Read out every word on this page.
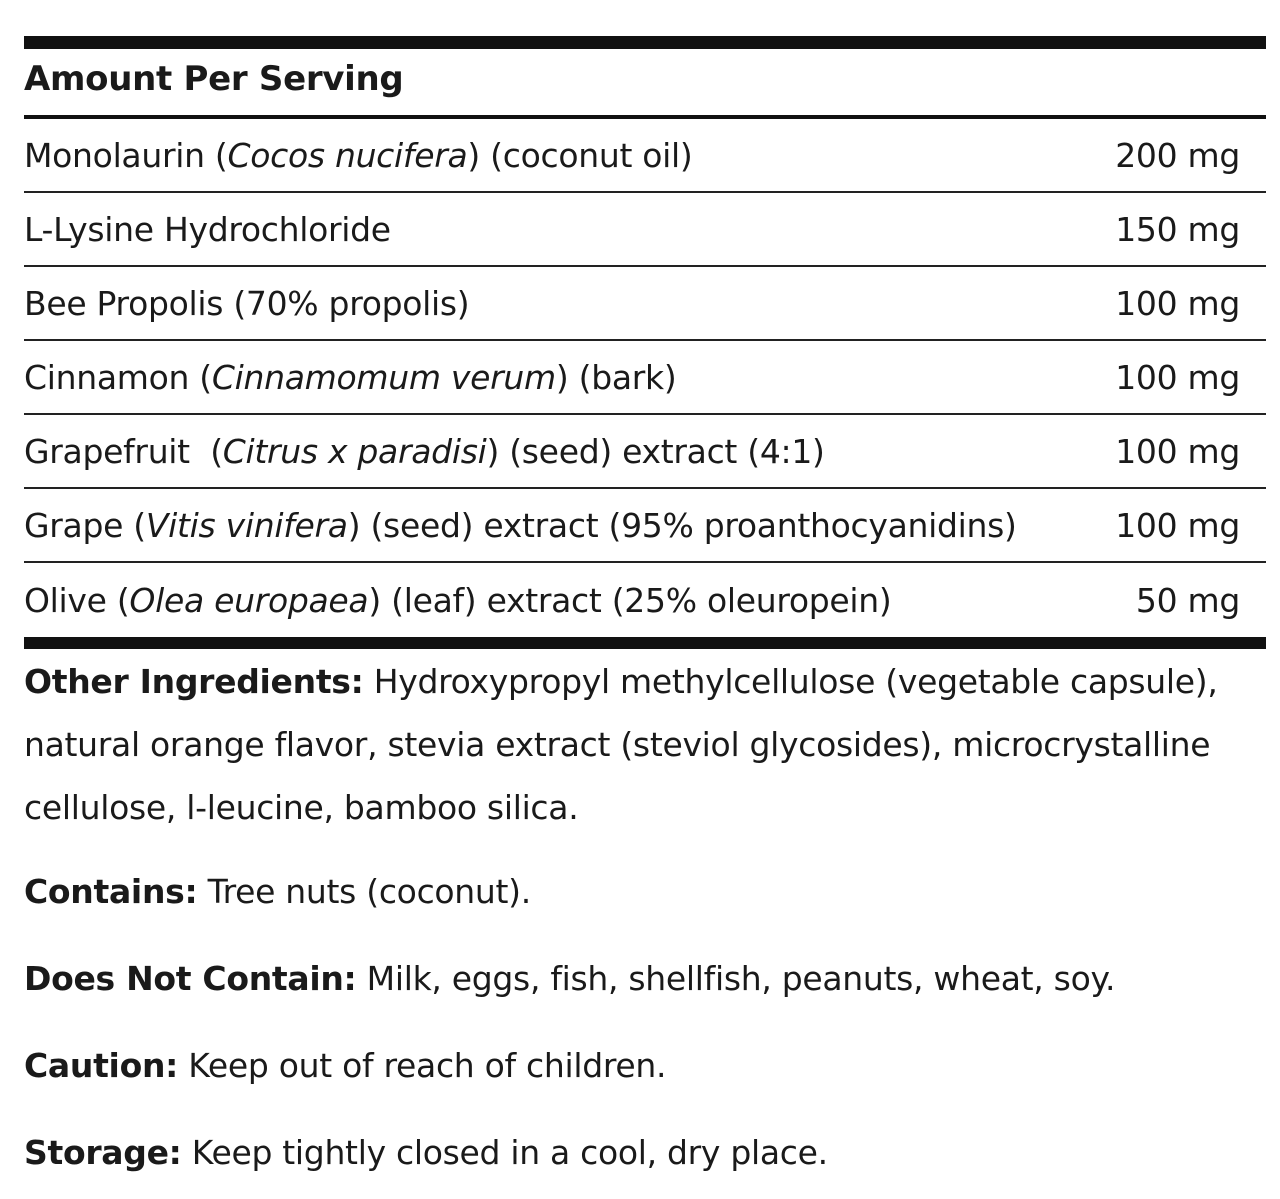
Amount Per Serving
Monolaurin (Cocos nucifera) (coconut oil)	200 mg
L-Lysine Hydrochloride	150 mg
Bee Propolis (70% propolis)	100 mg
Cinnamon (Cinnamomum verum) (bark)	100 mg
Grapefruit  (Citrus x paradisi) (seed) extract (4:1)	100 mg
Grape (Vitis vinifera) (seed) extract (95% proanthocyanidins)	100 mg
Olive (Olea europaea) (leaf) extract (25% oleuropein)	50 mg
Other Ingredients: Hydroxypropyl methylcellulose (vegetable capsule), natural orange flavor, stevia extract (steviol glycosides), microcrystalline cellulose, l-leucine, bamboo silica.
Contains: Tree nuts (coconut).
Does Not Contain: Milk, eggs, fish, shellfish, peanuts, wheat, soy.
Caution: Keep out of reach of children.
Storage: Keep tightly closed in a cool, dry place.
